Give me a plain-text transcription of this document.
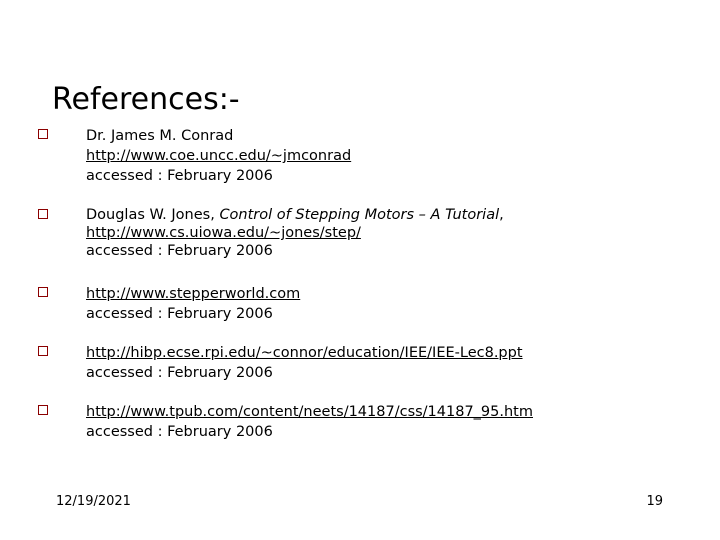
References:-
Dr. James M. Conrad
http://www.coe.uncc.edu/~jmconrad
accessed : February 2006
Douglas W. Jones, Control of Stepping Motors – A Tutorial,
http://www.cs.uiowa.edu/~jones/step/
accessed : February 2006
http://www.stepperworld.com
accessed : February 2006
http://hibp.ecse.rpi.edu/~connor/education/IEE/IEE-Lec8.ppt
accessed : February 2006
http://www.tpub.com/content/neets/14187/css/14187_95.htm
accessed : February 2006
12/19/2021	19
